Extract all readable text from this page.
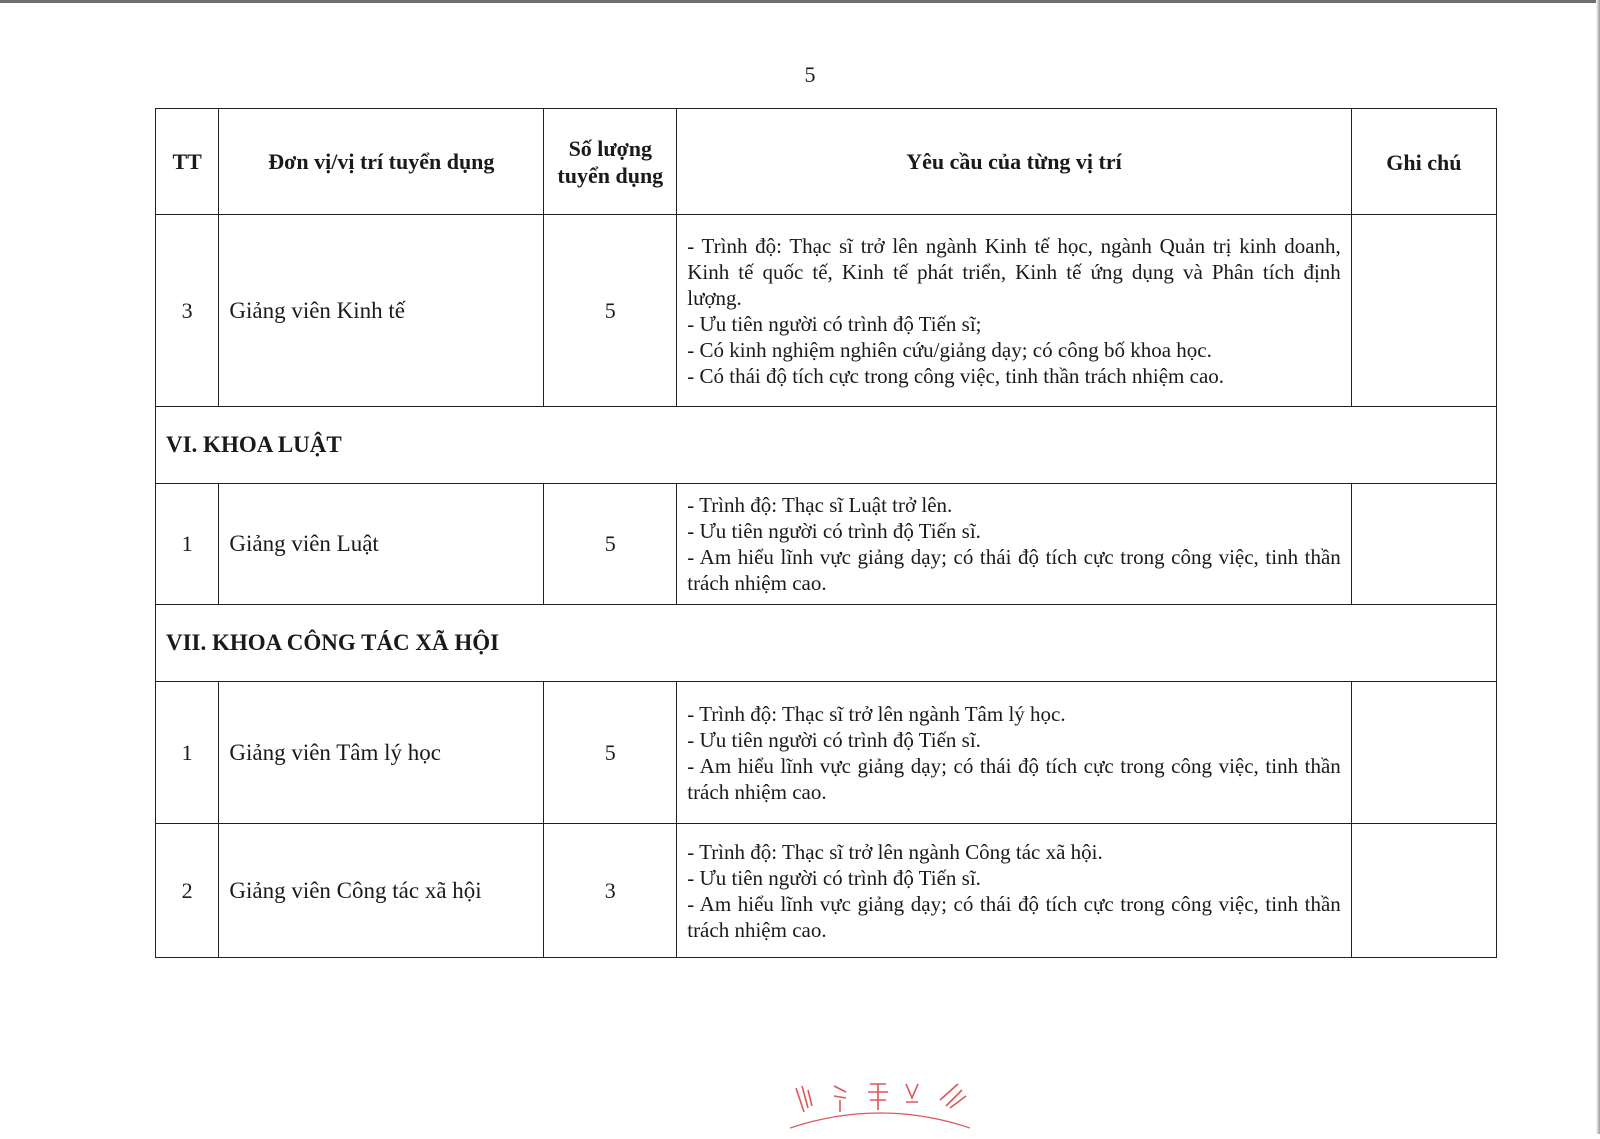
5
TT	Đơn vị/vị trí tuyển dụng	Số lượng tuyển dụng	Yêu cầu của từng vị trí	Ghi chú
3	Giảng viên Kinh tế	5	- Trình độ: Thạc sĩ trở lên ngành Kinh tế học, ngành Quản trị kinh doanh, Kinh tế quốc tế, Kinh tế phát triển, Kinh tế ứng dụng và Phân tích định lượng.

- Ưu tiên người có trình độ Tiến sĩ;

- Có kinh nghiệm nghiên cứu/giảng dạy; có công bố khoa học.

- Có thái độ tích cực trong công việc, tinh thần trách nhiệm cao.	

VI. KHOA LUẬT				
1	Giảng viên Luật	5	- Trình độ: Thạc sĩ Luật trở lên.

- Ưu tiên người có trình độ Tiến sĩ.

- Am hiểu lĩnh vực giảng dạy; có thái độ tích cực trong công việc, tinh thần trách nhiệm cao.	

VII. KHOA CÔNG TÁC XÃ HỘI				
1	Giảng viên Tâm lý học	5	- Trình độ: Thạc sĩ trở lên ngành Tâm lý học.

- Ưu tiên người có trình độ Tiến sĩ.

- Am hiểu lĩnh vực giảng dạy; có thái độ tích cực trong công việc, tinh thần trách nhiệm cao.	

2	Giảng viên Công tác xã hội	3	- Trình độ: Thạc sĩ trở lên ngành Công tác xã hội.

- Ưu tiên người có trình độ Tiến sĩ.

- Am hiểu lĩnh vực giảng dạy; có thái độ tích cực trong công việc, tinh thần trách nhiệm cao.	
